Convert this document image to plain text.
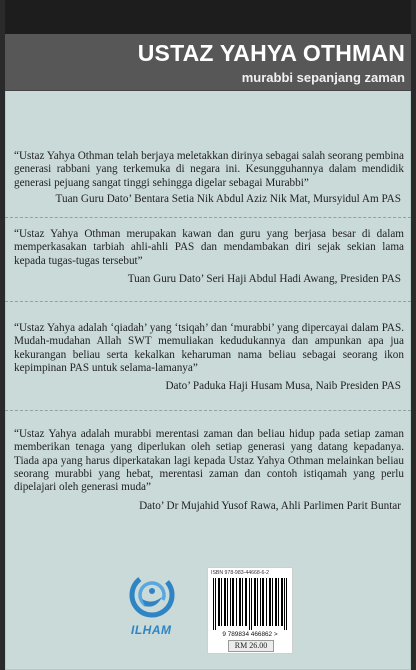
USTAZ YAHYA OTHMAN
murabbi sepanjang zaman
“Ustaz Yahya Othman telah berjaya meletakkan dirinya sebagai salah seorang pembina generasi rabbani yang terkemuka di negara ini. Kesungguhannya dalam mendidik generasi pejuang sangat tinggi sehingga digelar sebagai Murabbi”
Tuan Guru Dato’ Bentara Setia Nik Abdul Aziz Nik Mat, Mursyidul Am PAS
“Ustaz Yahya Othman merupakan kawan dan guru yang berjasa besar di dalam memperkasakan tarbiah ahli-ahli PAS dan mendambakan diri sejak sekian lama kepada tugas-tugas tersebut”
Tuan Guru Dato’ Seri Haji Abdul Hadi Awang, Presiden PAS
“Ustaz Yahya adalah ‘qiadah’ yang ‘tsiqah’ dan ‘murabbi’ yang dipercayai dalam PAS. Mudah-mudahan Allah SWT memuliakan kedudukannya dan ampunkan apa jua kekurangan beliau serta kekalkan keharuman nama beliau sebagai seorang ikon kepimpinan PAS untuk selama-lamanya”
Dato’ Paduka Haji Husam Musa, Naib Presiden PAS
“Ustaz Yahya adalah murabbi merentasi zaman dan beliau hidup pada setiap zaman memberikan tenaga yang diperlukan oleh setiap generasi yang datang kepadanya. Tiada apa yang harus diperkatakan lagi kepada Ustaz Yahya Othman melainkan beliau seorang murabbi yang hebat, merentasi zaman dan contoh istiqamah yang perlu dipelajari oleh generasi muda”
Dato’ Dr Mujahid Yusof Rawa, Ahli Parlimen Parit Buntar
ILHAM
ISBN 978-983-44668-6-2
9 789834 466862 >
RM 26.00
